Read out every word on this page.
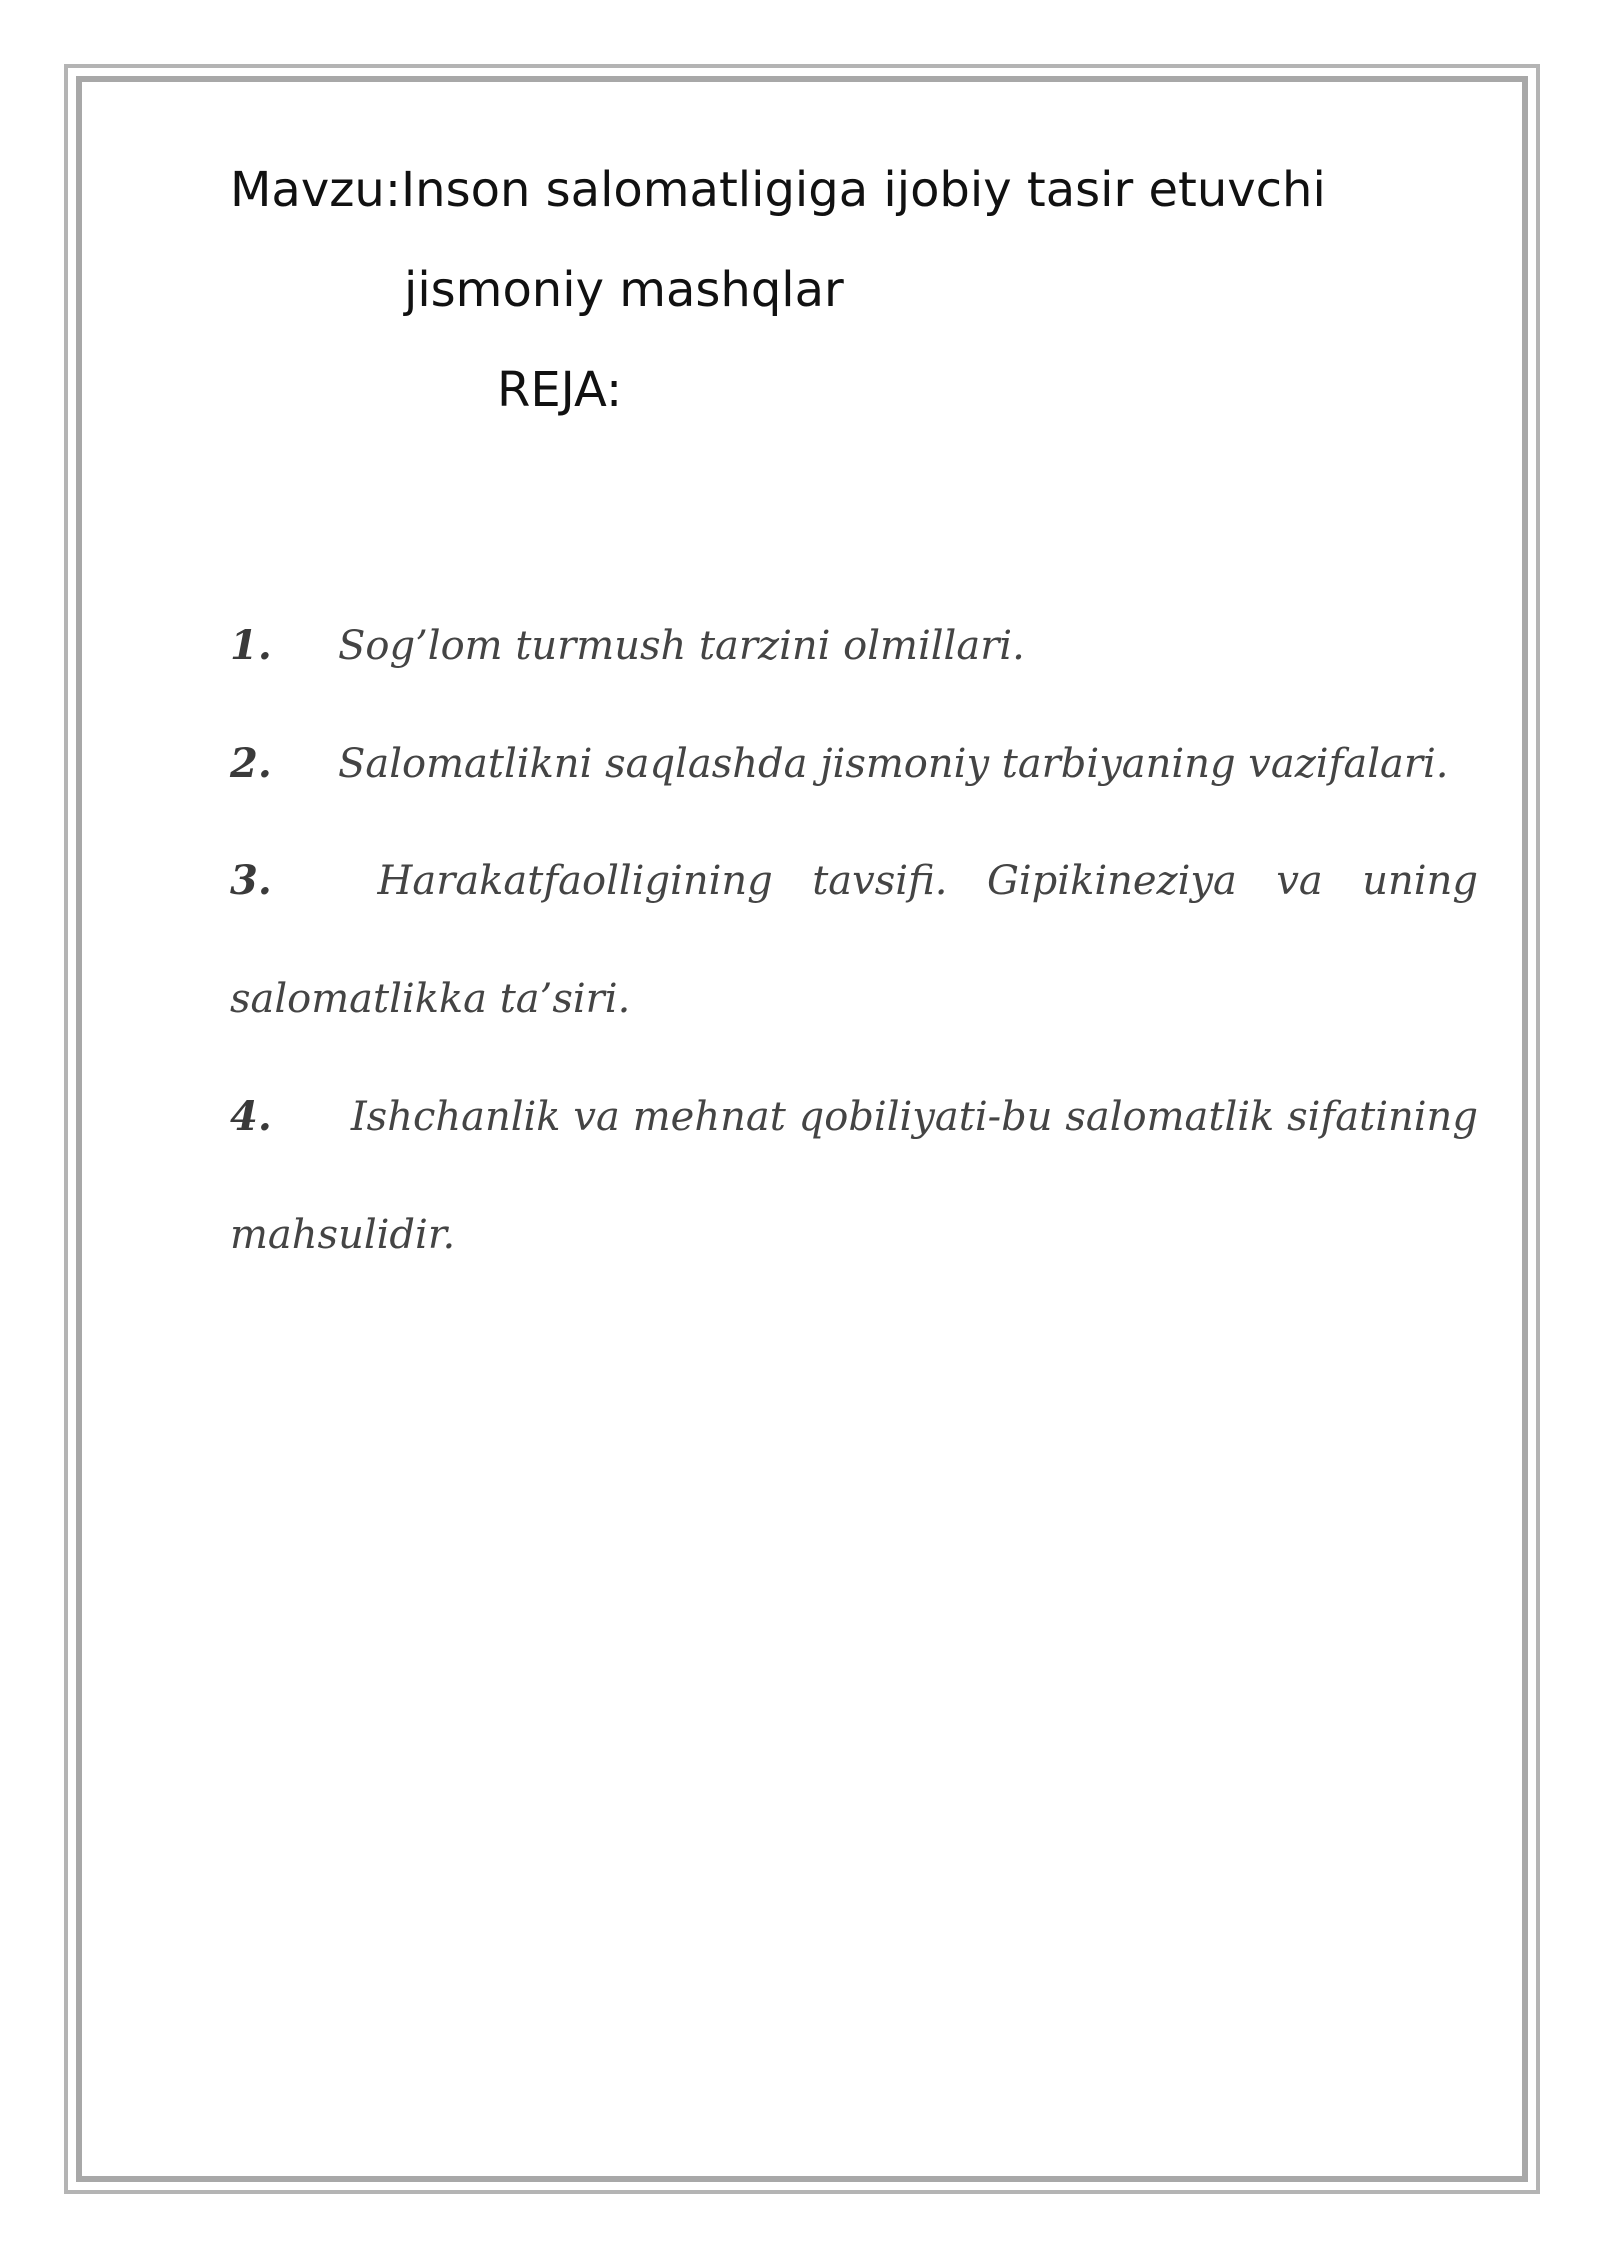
Mavzu:Inson salomatligiga ijobiy tasir etuvchi
jismoniy mashqlar
REJA:
1. Sog’lom turmush tarzini olmillari.
2. Salomatlikni saqlashda jismoniy tarbiyaning vazifalari.
3.	Harakatfaolligining tavsifi. Gipikineziya va uning
salomatlikka ta’siri.
4.	Ishchanlik va mehnat qobiliyati-bu salomatlik sifatining
mahsulidir.
